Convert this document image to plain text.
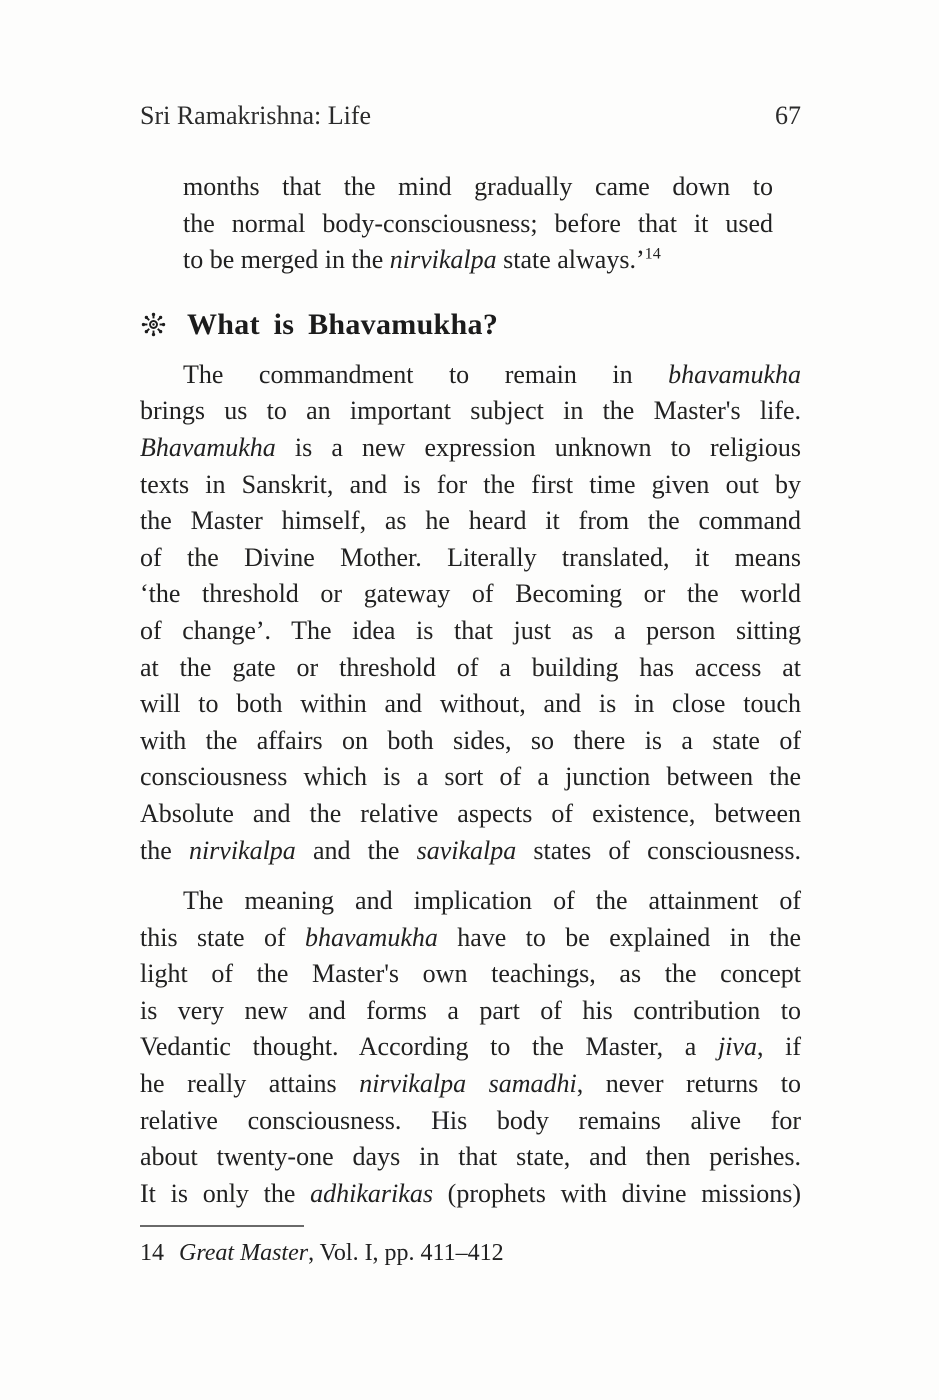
Sri Ramakrishna: Life	67
months that the mind gradually came down to
the normal body-consciousness; before that it used
to be merged in the nirvikalpa state always.’$^{14}$
What is Bhavamukha?
The commandment to remain in bhavamukha
brings us to an important subject in the Master's life.
Bhavamukha is a new expression unknown to religious
texts in Sanskrit, and is for the first time given out by
the Master himself, as he heard it from the command
of the Divine Mother. Literally translated, it means
‘the threshold or gateway of Becoming or the world
of change’. The idea is that just as a person sitting
at the gate or threshold of a building has access at
will to both within and without, and is in close touch
with the affairs on both sides, so there is a state of
consciousness which is a sort of a junction between the
Absolute and the relative aspects of existence, between
the nirvikalpa and the savikalpa states of consciousness.
The meaning and implication of the attainment of
this state of bhavamukha have to be explained in the
light of the Master's own teachings, as the concept
is very new and forms a part of his contribution to
Vedantic thought. According to the Master, a jiva, if
he really attains nirvikalpa samadhi, never returns to
relative consciousness. His body remains alive for
about twenty-one days in that state, and then perishes.
It is only the adhikarikas (prophets with divine missions)
14 Great Master, Vol. I, pp. 411–412
